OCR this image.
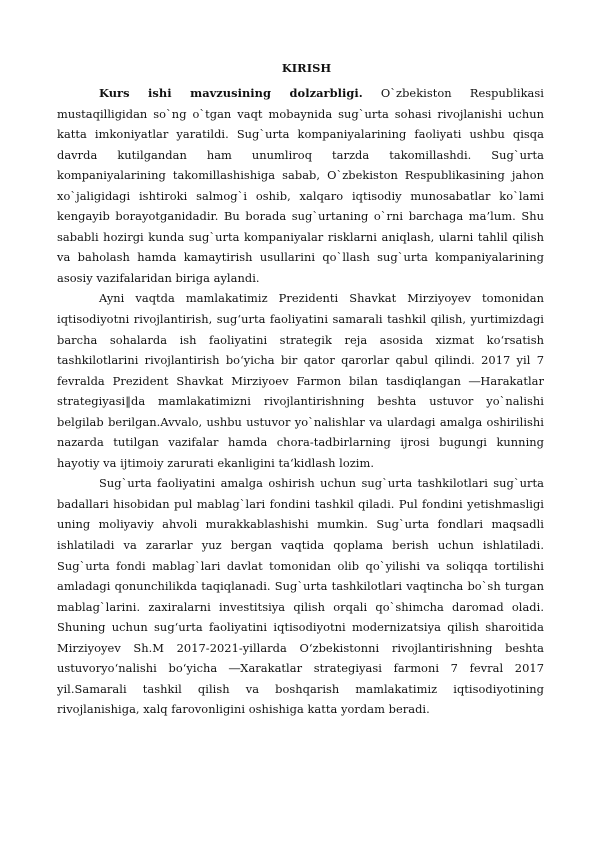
KIRISH

Kurs ishi mavzusining dolzarbligi. O`zbekiston Respublikasi mustaqilligidan so`ng o`tgan vaqt mobaynida sug`urta sohasi rivojlanishi uchun katta imkoniyatlar yaratildi. Sug`urta kompaniyalarining faoliyati ushbu qisqa davrda kutilgandan ham unumliroq tarzda takomillashdi. Sug`urta kompaniyalarining takomillashishiga sabab, O`zbekiston Respublikasining jahon xo`jaligidagi ishtiroki salmog`i oshib, xalqaro iqtisodiy munosabatlar ko`lami kengayib borayotganidadir. Bu borada sug`urtaning o`rni barchaga ma’lum. Shu sababli hozirgi kunda sug`urta kompaniyalar risklarni aniqlash, ularni tahlil qilish va baholash hamda kamaytirish usullarini qo`llash sug`urta kompaniyalarining asosiy vazifalaridan biriga aylandi.

Ayni vaqtda mamlakatimiz Prezidenti Shavkat Mirziyoyev tomonidan iqtisodiyotni rivojlantirish, sug‘urta faoliyatini samarali tashkil qilish, yurtimizdagi barcha sohalarda ish faoliyatini strategik reja asosida xizmat ko‘rsatish tashkilotlarini rivojlantirish bo‘yicha bir qator qarorlar qabul qilindi. 2017 yil 7 fevralda Prezident Shavkat Mirziyoev Farmon bilan tasdiqlangan ―Harakatlar strategiyasi‖da mamlakatimizni rivojlantirishning beshta ustuvor yo`nalishi belgilab berilgan.Avvalo, ushbu ustuvor yo`nalishlar va ulardagi amalga oshirilishi nazarda tutilgan vazifalar hamda chora-tadbirlarning ijrosi bugungi kunning hayotiy va ijtimoiy zarurati ekanligini ta‘kidlash lozim.

Sug`urta faoliyatini amalga oshirish uchun sug`urta tashkilotlari sug`urta badallari hisobidan pul mablag`lari fondini tashkil qiladi. Pul fondini yetishmasligi uning moliyaviy ahvoli murakkablashishi mumkin. Sug`urta fondlari maqsadli ishlatiladi va zararlar yuz bergan vaqtida qoplama berish uchun ishlatiladi. Sug`urta fondi mablag`lari davlat tomonidan olib qo`yilishi va soliqqa tortilishi amladagi qonunchilikda taqiqlanadi. Sug`urta tashkilotlari vaqtincha bo`sh turgan mablag`larini. zaxiralarni investitsiya qilish orqali qo`shimcha daromad oladi. Shuning uchun sug‘urta faoliyatini iqtisodiyotni modernizatsiya qilish sharoitida Mirziyoyev Sh.M 2017-2021-yillarda O‘zbekistonni rivojlantirishning beshta ustuvoryo‘nalishi bo‘yicha ―Xarakatlar strategiyasi farmoni 7 fevral 2017 yil.Samarali tashkil qilish va boshqarish mamlakatimiz iqtisodiyotining rivojlanishiga, xalq farovonligini oshishiga katta yordam beradi.
